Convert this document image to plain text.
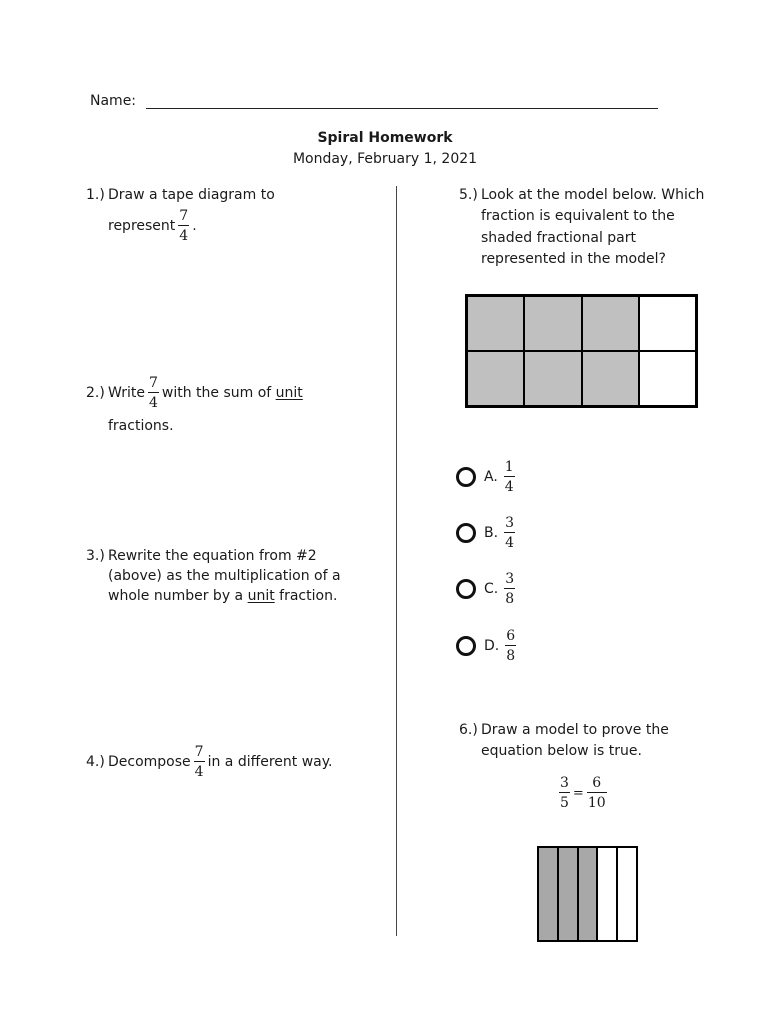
Name:
Spiral Homework
Monday, February 1, 2021
1.) Draw a tape diagram to
represent $\frac{7}{4}$ .
2.) Write $\frac{7}{4}$ with the sum of
unit
fractions.
3.) Rewrite the equation from #2
(above) as the multiplication of a
whole number by a unit fraction.
4.) Decompose $\frac{7}{4}$ in a different way.
5.) Look at the model below. Which
fraction is equivalent to the
shaded fractional part
represented in the model?
A. $\frac{1}{4}$
B. $\frac{3}{4}$
C. $\frac{3}{8}$
D. $\frac{6}{8}$
6.) Draw a model to prove the
equation below is true.
$\frac{3}{5} = \frac{6}{10}$
